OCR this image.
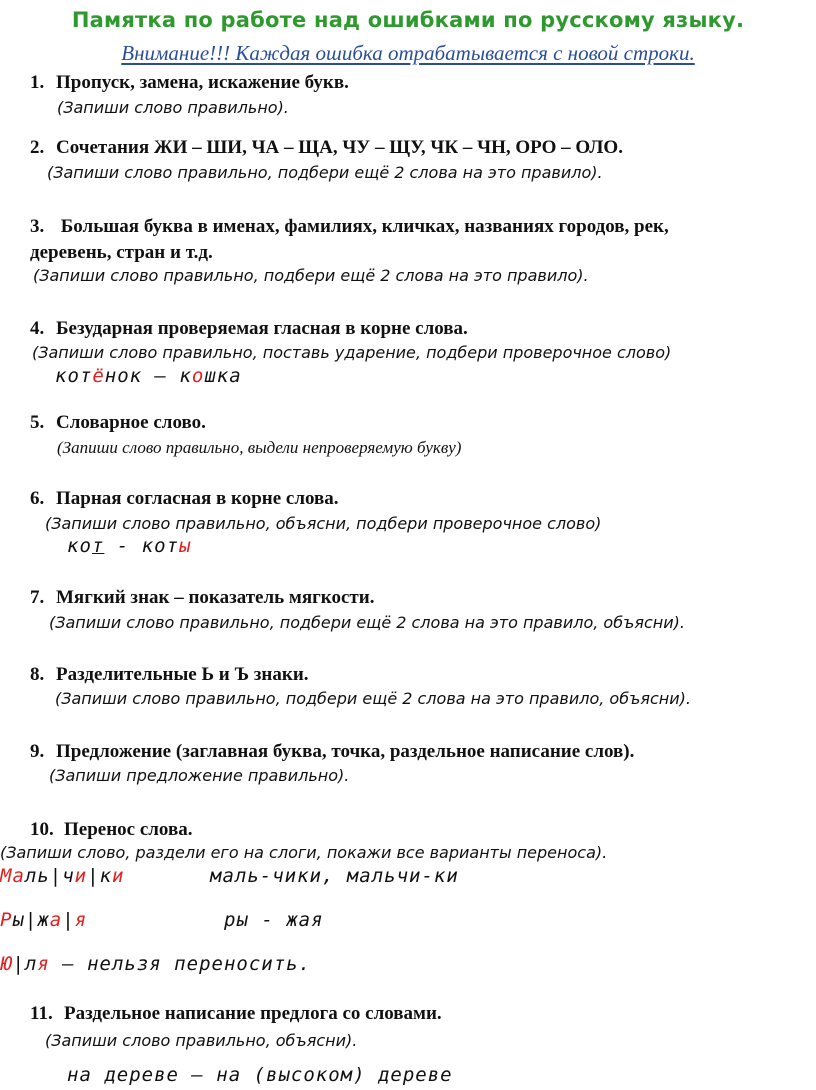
Памятка по работе над ошибками по русскому языку.
Внимание!!! Каждая ошибка отрабатывается с новой строки.
1. Пропуск, замена, искажение букв.
(Запиши слово правильно).
2. Сочетания ЖИ – ШИ, ЧА – ЩА, ЧУ – ЩУ, ЧК – ЧН, ОРО – ОЛО.
(Запиши слово правильно, подбери ещё 2 слова на это правило).
3. Большая буква в именах, фамилиях, кличках, названиях городов, рек,
деревень, стран и т.д.
(Запиши слово правильно, подбери ещё 2 слова на это правило).
4. Безударная проверяемая гласная в корне слова.
(Запиши слово правильно, поставь ударение, подбери проверочное слово)
котёнок – кошка
5. Словарное слово.
(Запиши слово правильно, выдели непроверяемую букву)
6. Парная согласная в корне слова.
(Запиши слово правильно, объясни, подбери проверочное слово)
кот - коты
7. Мягкий знак – показатель мягкости.
(Запиши слово правильно, подбери ещё 2 слова на это правило, объясни).
8. Разделительные Ь и Ъ знаки.
(Запиши слово правильно, подбери ещё 2 слова на это правило, объясни).
9. Предложение (заглавная буква, точка, раздельное написание слов).
(Запиши предложение правильно).
10. Перенос слова.
(Запиши слово, раздели его на слоги, покажи все варианты переноса).
Маль|чи|ки	маль-чики, мальчи-ки
Ры|жа|я	ры - жая
Ю|ля – нельзя переносить.
11. Раздельное написание предлога со словами.
(Запиши слово правильно, объясни).
на дереве – на (высоком) дереве
